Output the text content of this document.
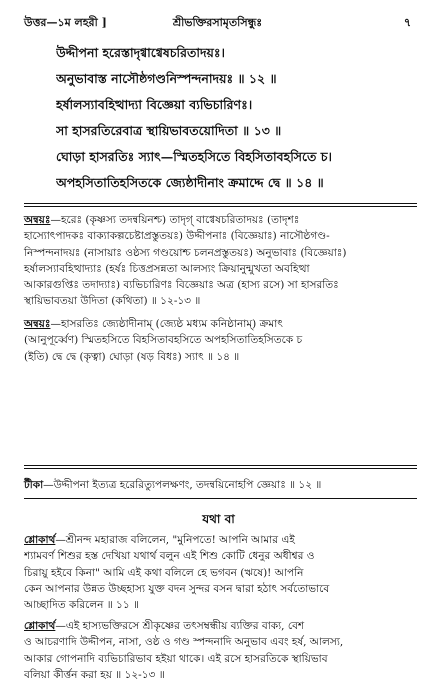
উত্তর—১ম লহরী ]	শ্রীভক্তিরসামৃতসিন্ধুঃ	৭
উদ্দীপনা হরেস্তাদৃগ্বাগ্বেষচরিতাদয়ঃ।
অনুভাবাস্ত নাসৌষ্ঠগণ্ডনিস্পন্দনাদয়ঃ ॥ ১২ ॥
হর্ষালস্যাবহিত্থাদ্যা বিজ্ঞেয়া ব্যভিচারিণঃ।
সা হাসরতিরেবাত্র স্থায়িভাবতয়োদিতা ॥ ১৩ ॥
ঘোড়া হাসরতিঃ স্যাৎ—স্মিতহসিতে বিহসিতাবহসিতে চ।
অপহসিতাতিহসিতকে জ্যেষ্ঠাদীনাং ক্রমাদ্দে দ্বে ॥ ১৪ ॥
অন্বয়ঃ—হরেঃ (কৃষ্ণস্য তদন্বয়িনশ্চ) তাদৃগ্ বাগ্বেষচরিতাদয়ঃ (তাদৃশঃ
হাস্যোৎপাদকঃ বাক্যাকল্পচেষ্টাপ্রস্তুতয়ঃ) উদ্দীপনাঃ (বিজ্ঞেয়াঃ) নাসৌষ্ঠগণ্ড-
নিস্পন্দনাদয়ঃ (নাসায়াঃ ওষ্ঠস্য গণ্ডয়োশ্চ চলনপ্রস্তুতয়ঃ) অনুভাবাঃ (বিজ্ঞেয়াঃ)
হর্ষালস্যাবহিত্থাদ্যাঃ (হর্ষঃ চিত্তপ্রসন্নতা আলস্যং ক্রিয়ানুন্মুখতা অবহিত্থা
আকারগুপ্তিঃ তদাদ্যাঃ) ব্যভিচারিণঃ বিজ্ঞেয়াঃ অত্র (হাস্য রসে) সা হাসরতিঃ
স্থায়িভাবতয়া উদিতা (কথিতা) ॥ ১২-১৩ ॥
অন্বয়ঃ—হাসরতিঃ জ্যেষ্ঠাদীনাম্ (জ্যেষ্ঠ মধ্যম কনিষ্ঠানাম্) ক্রমাৎ
(আনুপূর্ব্বেণ) স্মিতহসিতে বিহসিতাবহসিতে অপহসিতাতিহসিতকে চ
(ইতি) দ্বে দ্বে (কৃত্বা) ঘোড়া (ষড় বিধঃ) স্যাৎ ॥ ১৪ ॥
টীকা—উদ্দীপনা ইত্যত্র হরেরিত্যুপলক্ষণং, তদন্বয়িনোহপি জ্ঞেয়াঃ ॥ ১২ ॥
যথা বা
শ্লোকার্থ—শ্রীনন্দ মহারাজ বলিলেন, "মুনিপতে! আপনি আমার এই
শ্যামবর্ণ শিশুর হস্ত দেখিয়া যথার্থ বলুন এই শিশু কোটি ধেনুর অধীশ্বর ও
চিরায়ু হইবে কিনা" আমি এই কথা বলিলে হে ভগবন (ঋষে)! আপনি
কেন আপনার উন্নত উচ্ছহাস্য যুক্ত বদন সুন্দর বসন দ্বারা হঠাৎ সর্বতোভাবে
আচ্ছাদিত করিলেন ॥ ১১ ॥
শ্লোকার্থ—এই হাস্যভক্তিরসে শ্রীকৃষ্ণের তৎসম্বন্ধীয় ব্যক্তির বাক্য, বেশ
ও আচরণাদি উদ্দীপন, নাসা, ওষ্ঠ ও গণ্ড স্পন্দনাদি অনুভাব এবং হর্ষ, আলস্য,
আকার গোপনাদি ব্যভিচারিভাব হইয়া থাকে। এই রসে হাসরতিকে স্থায়িভাব
বলিয়া কীর্ত্তন করা হয় ॥ ১২-১৩ ॥
